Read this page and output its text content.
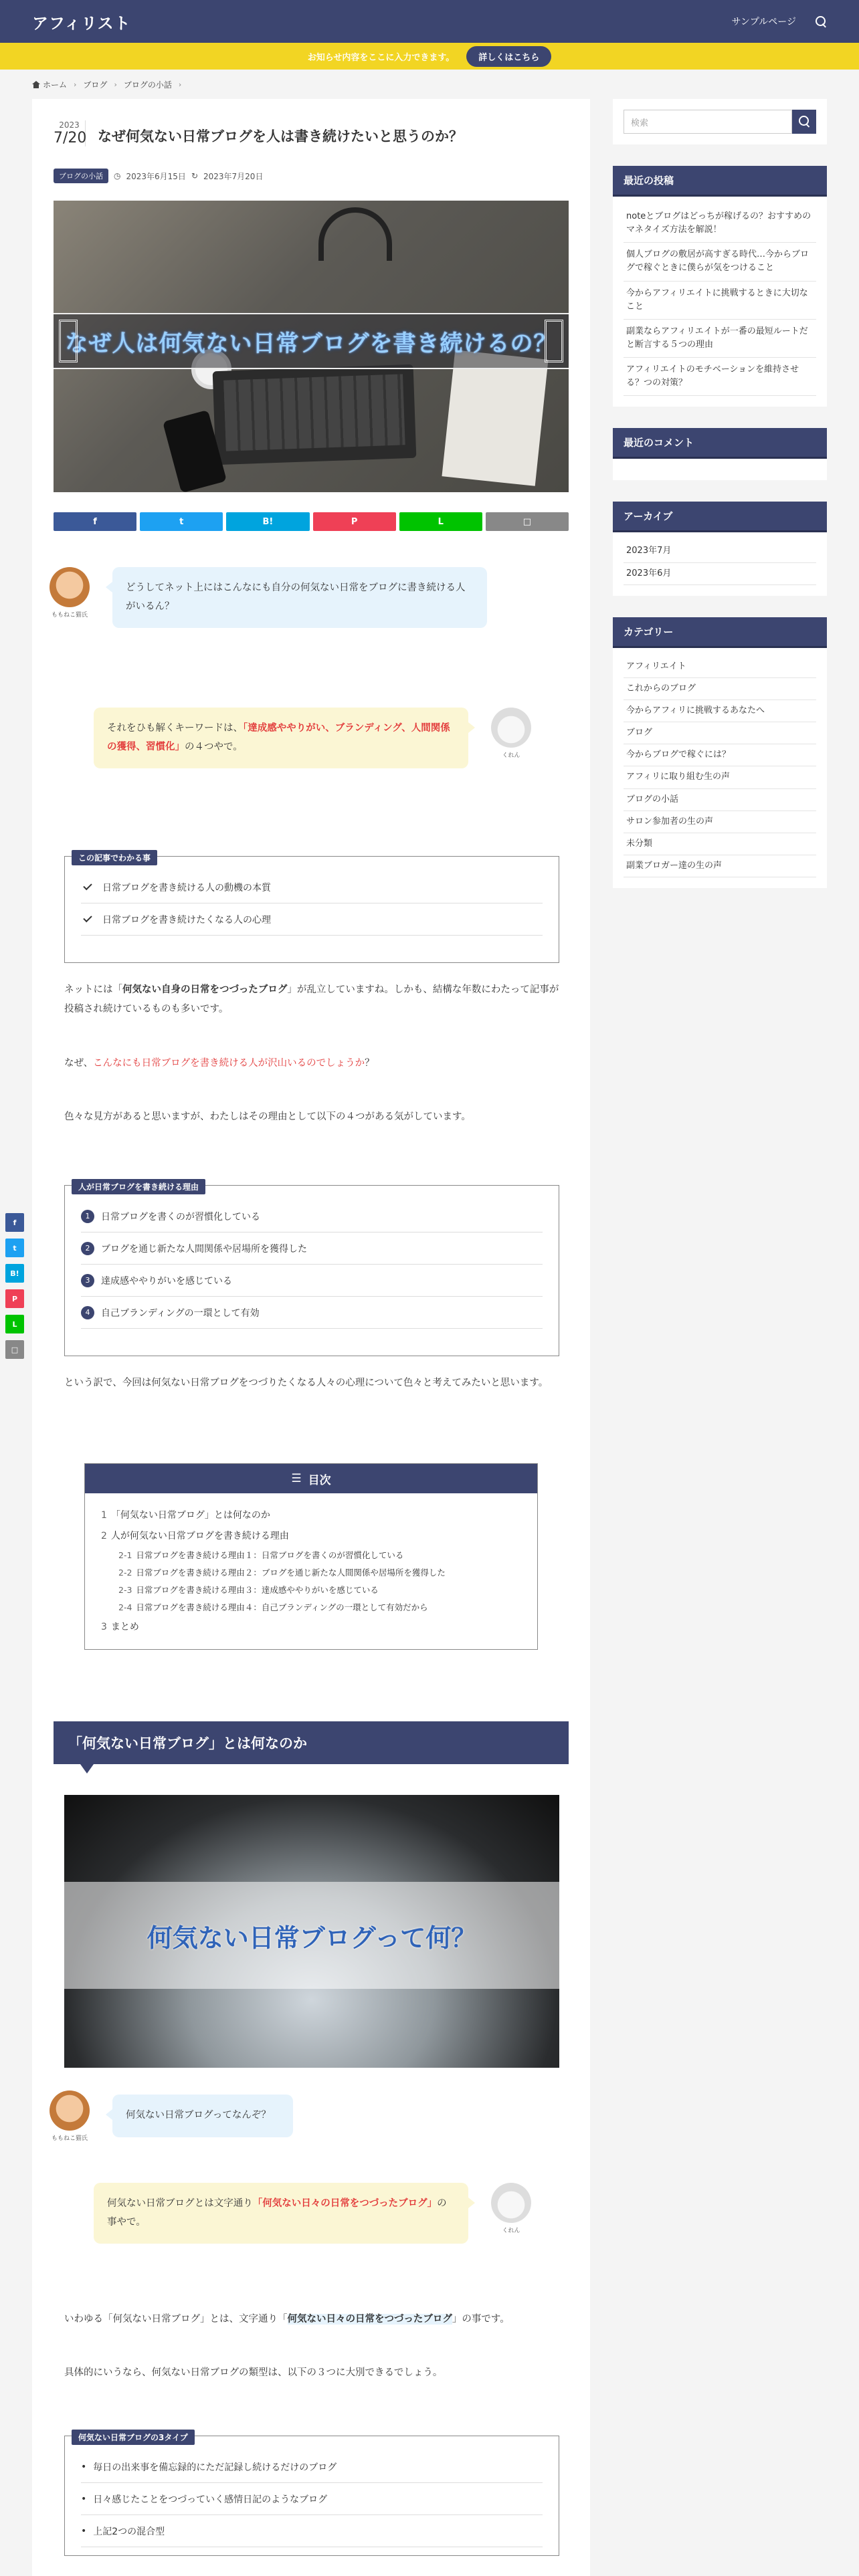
アフィリスト	サンプルページ
お知らせ内容をここに入力できます。	詳しくはこちら
ホーム › ブログ › ブログの小話 ›
f
t
B!
P
L
□
2023
7/20 なぜ何気ない日常ブログを人は書き続けたいと思うのか？
ブログの小話	◷ 2023年6月15日 ↻ 2023年7月20日
なぜ人は何気ない日常ブログを書き続けるの？
f	t	B!	P	L	□
ももねこ猫氏
どうしてネット上にはこんなにも自分の何気ない日常をブログに書き続ける人がいるん？
それをひも解くキーワードは、「達成感ややりがい、ブランディング、人間関係の獲得、習慣化」の４つやで。
くれん
この記事でわかる事
日常ブログを書き続ける人の動機の本質
日常ブログを書き続けたくなる人の心理
ネットには「何気ない自身の日常をつづったブログ」が乱立していますね。しかも、結構な年数にわたって記事が投稿され続けているものも多いです。
なぜ、こんなにも日常ブログを書き続ける人が沢山いるのでしょうか？
色々な見方があると思いますが、わたしはその理由として以下の４つがある気がしています。
人が日常ブログを書き続ける理由
1	日常ブログを書くのが習慣化している
2	ブログを通じ新たな人間関係や居場所を獲得した
3	達成感ややりがいを感じている
4	自己ブランディングの一環として有効
という訳で、今回は何気ない日常ブログをつづりたくなる人々の心理について色々と考えてみたいと思います。
☰ 目次
1 「何気ない日常ブログ」とは何なのか
2 人が何気ない日常ブログを書き続ける理由
2-1 日常ブログを書き続ける理由１：日常ブログを書くのが習慣化している
2-2 日常ブログを書き続ける理由２：ブログを通じ新たな人間関係や居場所を獲得した
2-3 日常ブログを書き続ける理由３：達成感ややりがいを感じている
2-4 日常ブログを書き続ける理由４：自己ブランディングの一環として有効だから
3 まとめ
「何気ない日常ブログ」とは何なのか
何気ない日常ブログって何？
ももねこ猫氏
何気ない日常ブログってなんぞ？
何気ない日常ブログとは文字通り「何気ない日々の日常をつづったブログ」の事やで。
くれん
いわゆる「何気ない日常ブログ」とは、文字通り「何気ない日々の日常をつづったブログ」の事です。
具体的にいうなら、何気ない日常ブログの類型は、以下の３つに大別できるでしょう。
何気ない日常ブログの3タイプ
• 毎日の出来事を備忘録的にただ記録し続けるだけのブログ
• 日々感じたことをつづっていく感情日記のようなブログ
• 上記2つの混合型
検索
最近の投稿
noteとブログはどっちが稼げるの？おすすめのマネタイズ方法を解説！
個人ブログの敷居が高すぎる時代…今からブログで稼ぐときに僕らが気をつけること
今からアフィリエイトに挑戦するときに大切なこと
副業ならアフィリエイトが一番の最短ルートだと断言する５つの理由
アフィリエイトのモチベーションを維持させる？つの対策？
最近のコメント
アーカイブ
2023年7月
2023年6月
カテゴリー
アフィリエイト
これからのブログ
今からアフィリに挑戦するあなたへ
ブログ
今からブログで稼ぐには？
アフィリに取り組む生の声
ブログの小話
サロン参加者の生の声
未分類
副業ブロガー達の生の声
